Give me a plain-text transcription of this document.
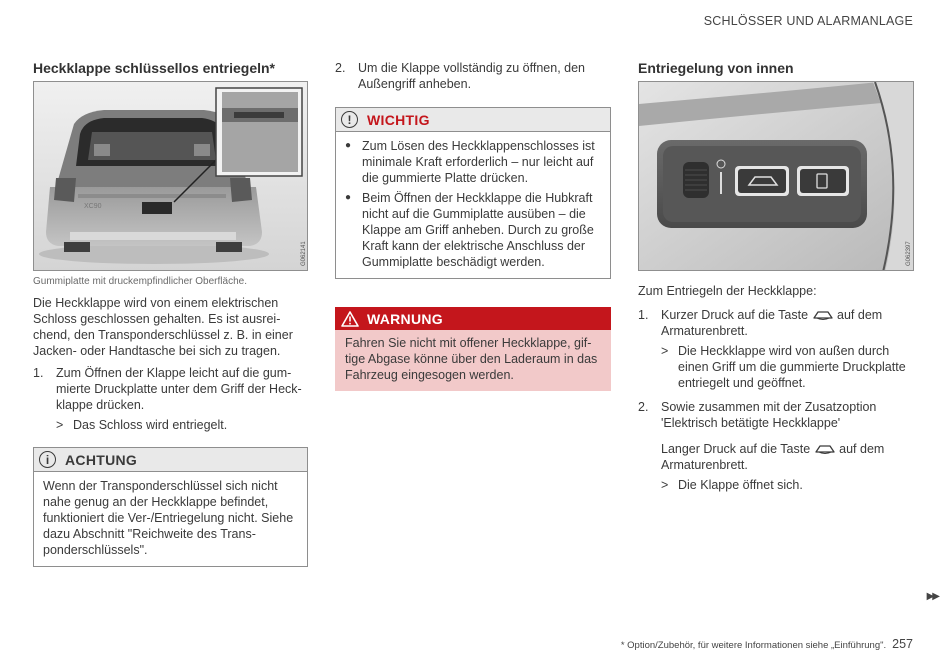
SCHLÖSSER UND ALARMANLAGE
Heckklappe schlüssellos entriegeln*
XC90
G062141
Gummiplatte mit druckempfindlicher Oberfläche.

Die Heckklappe wird von einem elektrischen Schloss geschlossen gehalten. Es ist ausrei-chend, den Transponderschlüssel z. B. in einer Jacken- oder Handtasche bei sich zu tragen.

1.	Zum Öffnen der Klappe leicht auf die gum-mierte Druckplatte unter dem Griff der Heck-klappe drücken.
> Das Schloss wird entriegelt.
i	ACHTUNG
Wenn der Transponderschlüssel sich nicht nahe genug an der Heckklappe befindet, funktioniert die Ver-/Entriegelung nicht. Siehe dazu Abschnitt "Reichweite des Trans-ponderschlüssels".
2.	Um die Klappe vollständig zu öffnen, den Außengriff anheben.
!	WICHTIG
● Zum Lösen des Heckklappenschlosses ist minimale Kraft erforderlich – nur leicht auf die gummierte Platte drücken.
● Beim Öffnen der Heckklappe die Hubkraft nicht auf die Gummiplatte ausüben – die Klappe am Griff anheben. Durch zu große Kraft kann der elektrische Anschluss der Gummiplatte beschädigt werden.
WARNUNG
Fahren Sie nicht mit offener Heckklappe, gif-tige Abgase könne über den Laderaum in das Fahrzeug eingesogen werden.
Entriegelung von innen
G062397

Zum Entriegeln der Heckklappe:

1.	Kurzer Druck auf die Taste auf dem Armaturenbrett.
> Die Heckklappe wird von außen durch einen Griff um die gummierte Druckplatte entriegelt und geöffnet.
2.	Sowie zusammen mit der Zusatzoption 'Elektrisch betätigte Heckklappe'
Langer Druck auf die Taste auf dem Armaturenbrett.
> Die Klappe öffnet sich.
▶▶
* Option/Zubehör, für weitere Informationen siehe „Einführung". 257
